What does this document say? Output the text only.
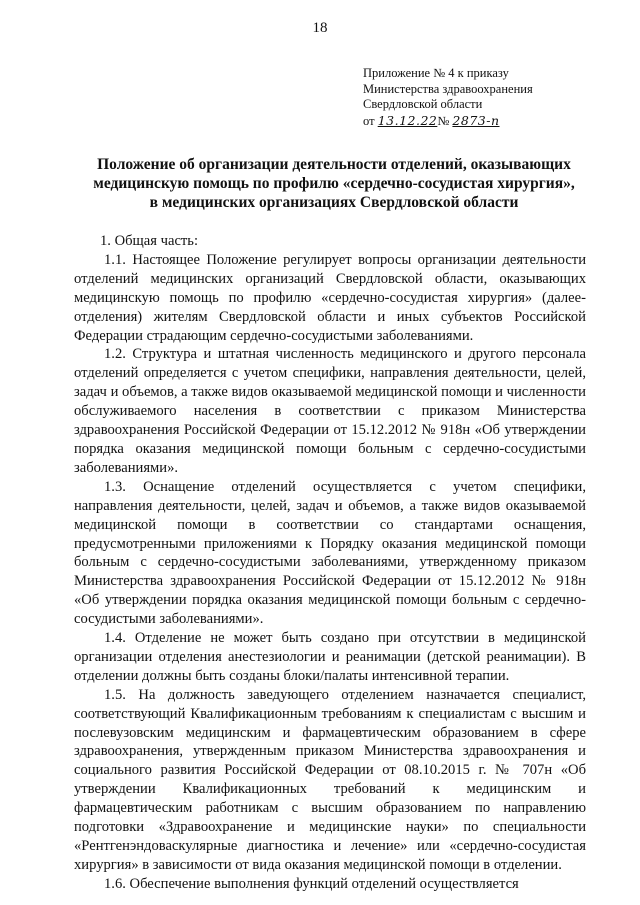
18
Приложение № 4 к приказу
Министерства здравоохранения
Свердловской области
от 13.12.22№ 2873-п
Положение об организации деятельности отделений, оказывающих
медицинскую помощь по профилю «сердечно-сосудистая хирургия»,
в медицинских организациях Свердловской области

1. Общая часть:

1.1. Настоящее Положение регулирует вопросы организации деятельности отделений медицинских организаций Свердловской области, оказывающих медицинскую помощь по профилю «сердечно-сосудистая хирургия» (далее-отделения) жителям Свердловской области и иных субъектов Российской Федерации страдающим сердечно-сосудистыми заболеваниями.

1.2. Структура и штатная численность медицинского и другого персонала отделений определяется с учетом специфики, направления деятельности, целей, задач и объемов, а также видов оказываемой медицинской помощи и численности обслуживаемого населения в соответствии с приказом Министерства здравоохранения Российской Федерации от 15.12.2012 № 918н «Об утверждении порядка оказания медицинской помощи больным с сердечно-сосудистыми заболеваниями».

1.3. Оснащение отделений осуществляется с учетом специфики, направления деятельности, целей, задач и объемов, а также видов оказываемой медицинской помощи в соответствии со стандартами оснащения, предусмотренными приложениями к Порядку оказания медицинской помощи больным с сердечно-сосудистыми заболеваниями, утвержденному приказом Министерства здравоохранения Российской Федерации от 15.12.2012 № 918н «Об утверждении порядка оказания медицинской помощи больным с сердечно-сосудистыми заболеваниями».

1.4. Отделение не может быть создано при отсутствии в медицинской организации отделения анестезиологии и реанимации (детской реанимации). В отделении должны быть созданы блоки/палаты интенсивной терапии.

1.5. На должность заведующего отделением назначается специалист, соответствующий Квалификационным требованиям к специалистам с высшим и послевузовским медицинским и фармацевтическим образованием в сфере здравоохранения, утвержденным приказом Министерства здравоохранения и социального развития Российской Федерации от 08.10.2015 г. № 707н «Об утверждении Квалификационных требований к медицинским и фармацевтическим работникам с высшим образованием по направлению подготовки «Здравоохранение и медицинские науки» по специальности «Рентгенэндоваскулярные диагностика и лечение» или «сердечно-сосудистая хирургия» в зависимости от вида оказания медицинской помощи в отделении.

1.6. Обеспечение выполнения функций отделений осуществляется
